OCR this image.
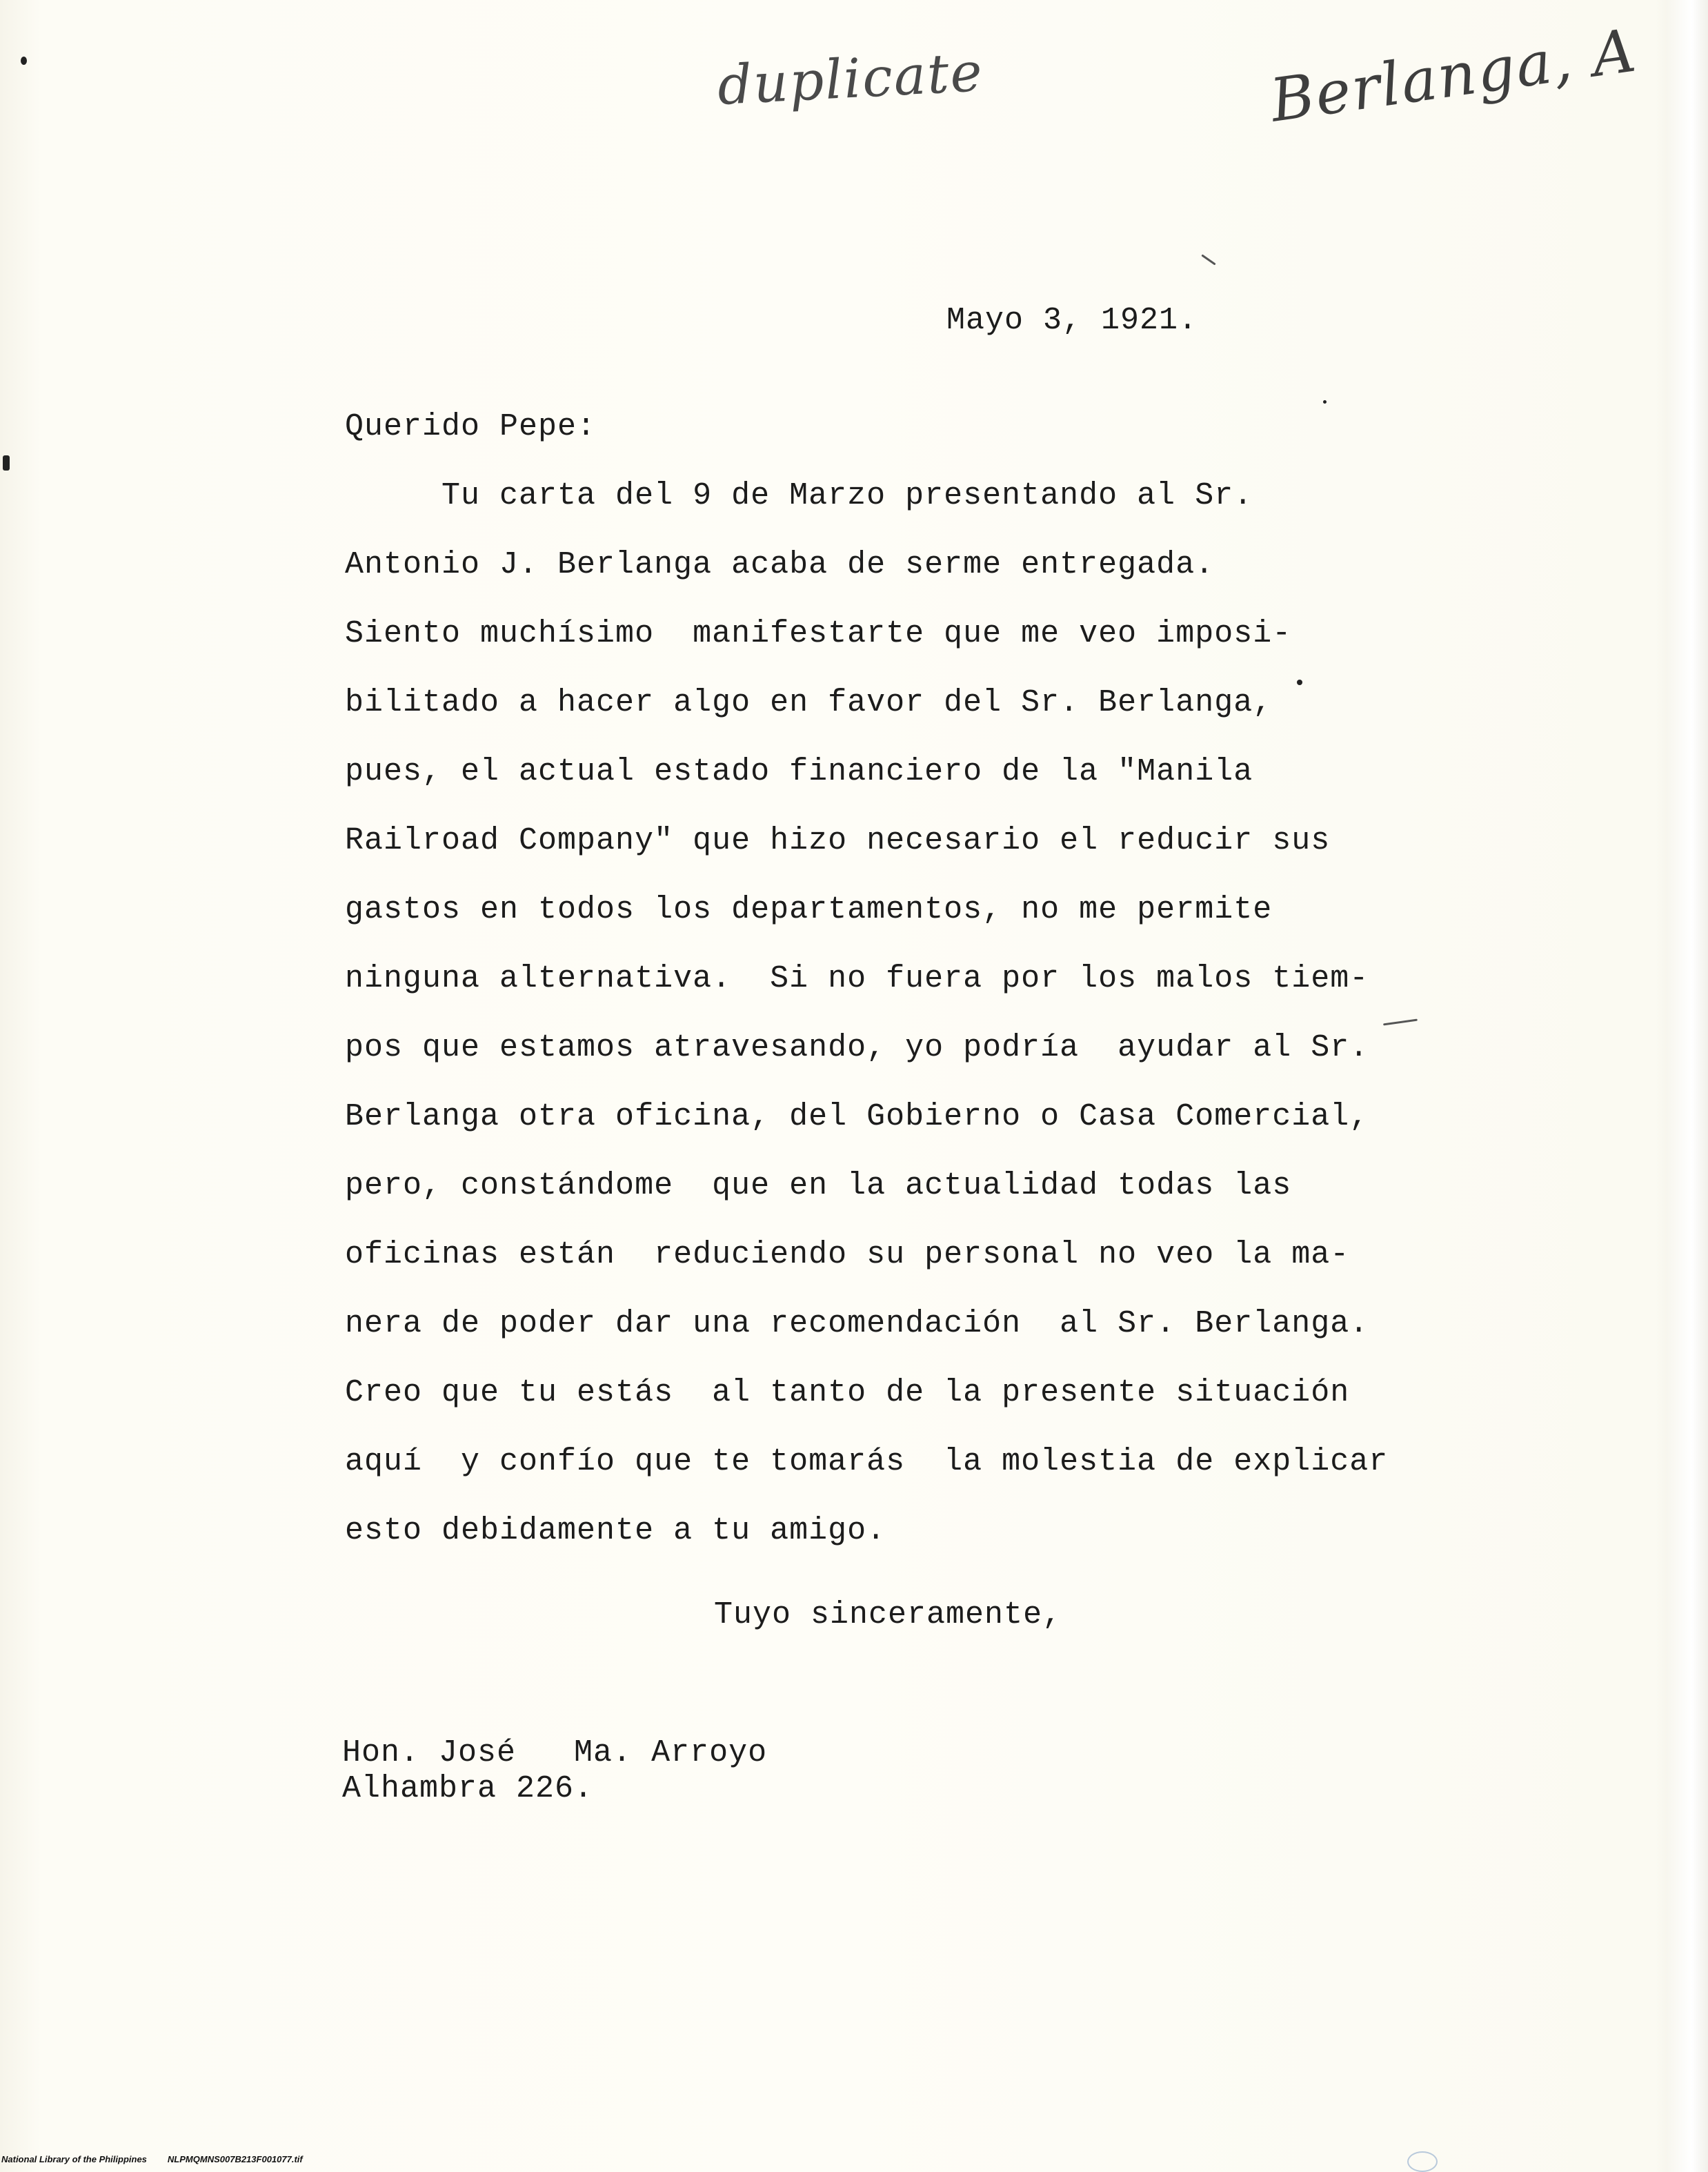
duplicate	Berlanga, A
Mayo 3, 1921.
Querido Pepe:
Tu carta del 9 de Marzo presentando al Sr.
Antonio J. Berlanga acaba de serme entregada.
Siento muchísimo  manifestarte que me veo imposi-
bilitado a hacer algo en favor del Sr. Berlanga,
pues, el actual estado financiero de la "Manila
Railroad Company" que hizo necesario el reducir sus
gastos en todos los departamentos, no me permite
ninguna alternativa.  Si no fuera por los malos tiem-
pos que estamos atravesando, yo podría  ayudar al Sr.
Berlanga otra oficina, del Gobierno o Casa Comercial,
pero, constándome  que en la actualidad todas las
oficinas están  reduciendo su personal no veo la ma-
nera de poder dar una recomendación  al Sr. Berlanga.
Creo que tu estás  al tanto de la presente situación
aquí  y confío que te tomarás  la molestia de explicar
esto debidamente a tu amigo.
Tuyo sinceramente,
Hon. José   Ma. Arroyo
Alhambra 226.
National Library of the Philippines NLPMQMNS007B213F001077.tif
